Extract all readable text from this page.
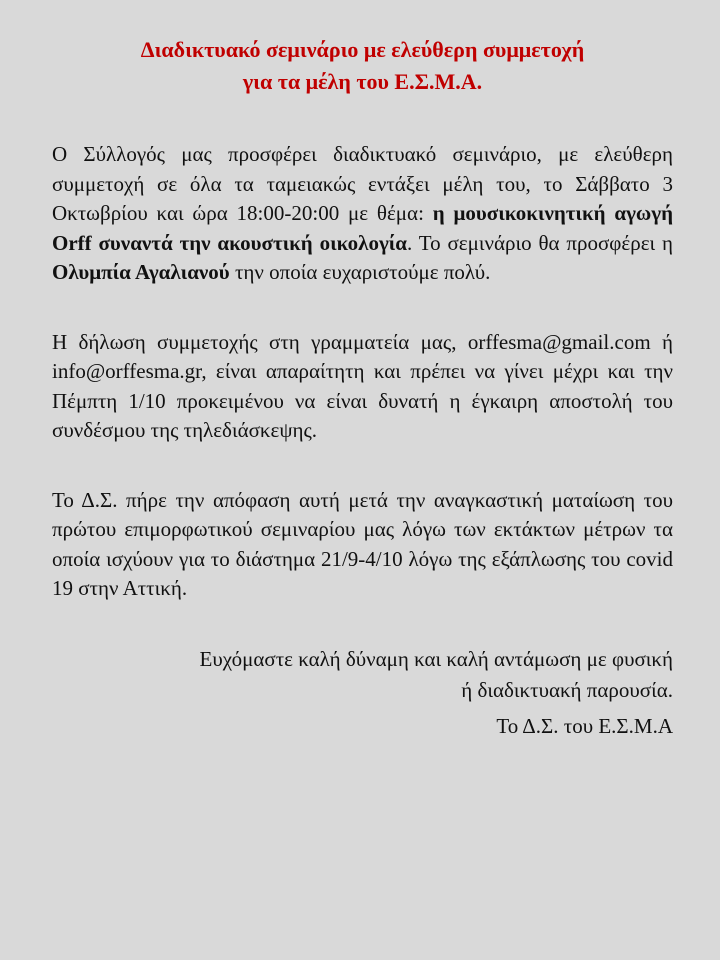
Διαδικτυακό σεμινάριο με ελεύθερη συμμετοχή
για τα μέλη του Ε.Σ.Μ.Α.

Ο Σύλλογός μας προσφέρει διαδικτυακό σεμινάριο, με ελεύθερη συμμετοχή σε όλα τα ταμειακώς εντάξει μέλη του, το Σάββατο 3 Οκτωβρίου και ώρα 18:00-20:00 με θέμα: η μουσικοκινητική αγωγή Orff συναντά την ακουστική οικολογία. Το σεμινάριο θα προσφέρει η Ολυμπία Αγαλιανού την οποία ευχαριστούμε πολύ.

Η δήλωση συμμετοχής στη γραμματεία μας, orffesma@gmail.com ή info@orffesma.gr, είναι απαραίτητη και πρέπει να γίνει μέχρι και την Πέμπτη 1/10 προκειμένου να είναι δυνατή η έγκαιρη αποστολή του συνδέσμου της τηλεδιάσκεψης.

Το Δ.Σ. πήρε την απόφαση αυτή μετά την αναγκαστική ματαίωση του πρώτου επιμορφωτικού σεμιναρίου μας λόγω των εκτάκτων μέτρων τα οποία ισχύουν για το διάστημα 21/9-4/10 λόγω της εξάπλωσης του covid 19 στην Αττική.

Ευχόμαστε καλή δύναμη και καλή αντάμωση με φυσική
ή διαδικτυακή παρουσία.
Το Δ.Σ. του Ε.Σ.Μ.Α
